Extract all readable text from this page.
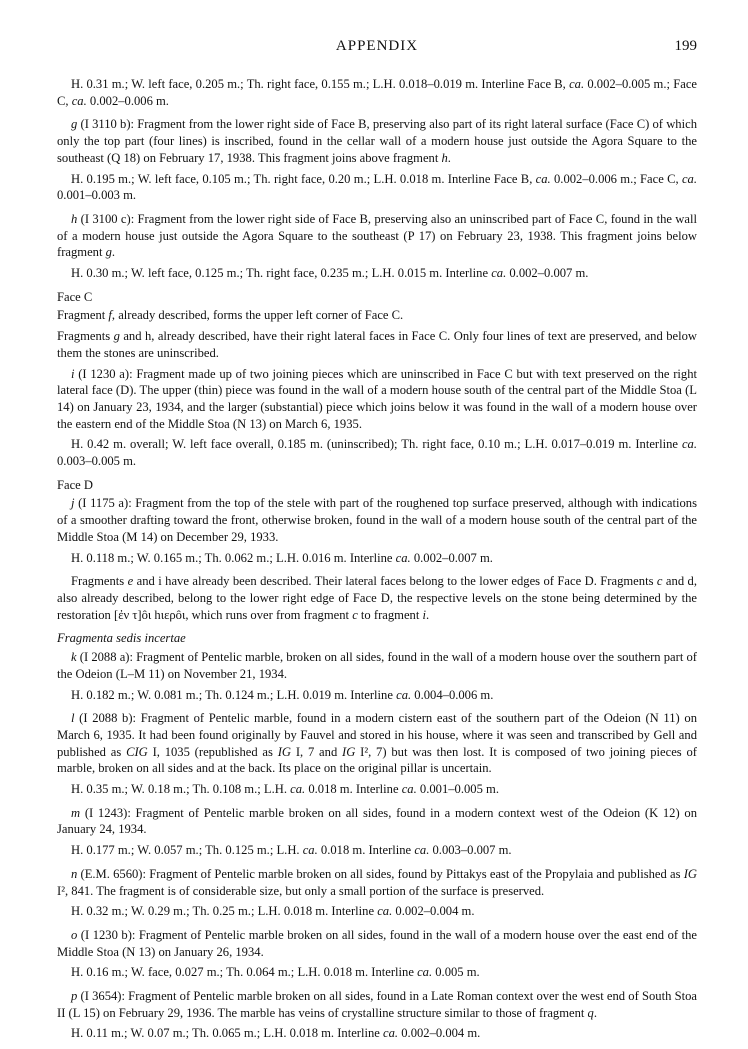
APPENDIX	199
H. 0.31 m.; W. left face, 0.205 m.; Th. right face, 0.155 m.; L.H. 0.018–0.019 m. Interline Face B, ca. 0.002–0.005 m.; Face C, ca. 0.002–0.006 m.
g (I 3110 b): Fragment from the lower right side of Face B, preserving also part of its right lateral surface (Face C) of which only the top part (four lines) is inscribed, found in the cellar wall of a modern house just outside the Agora Square to the southeast (Q 18) on February 17, 1938. This fragment joins above fragment h.
H. 0.195 m.; W. left face, 0.105 m.; Th. right face, 0.20 m.; L.H. 0.018 m. Interline Face B, ca. 0.002–0.006 m.; Face C, ca. 0.001–0.003 m.
h (I 3100 c): Fragment from the lower right side of Face B, preserving also an uninscribed part of Face C, found in the wall of a modern house just outside the Agora Square to the southeast (P 17) on February 23, 1938. This fragment joins below fragment g.
H. 0.30 m.; W. left face, 0.125 m.; Th. right face, 0.235 m.; L.H. 0.015 m. Interline ca. 0.002–0.007 m.
Face C
Fragment f, already described, forms the upper left corner of Face C.
Fragments g and h, already described, have their right lateral faces in Face C. Only four lines of text are preserved, and below them the stones are uninscribed.
i (I 1230 a): Fragment made up of two joining pieces which are uninscribed in Face C but with text preserved on the right lateral face (D). The upper (thin) piece was found in the wall of a modern house south of the central part of the Middle Stoa (L 14) on January 23, 1934, and the larger (substantial) piece which joins below it was found in the wall of a modern house over the eastern end of the Middle Stoa (N 13) on March 6, 1935.
H. 0.42 m. overall; W. left face overall, 0.185 m. (uninscribed); Th. right face, 0.10 m.; L.H. 0.017–0.019 m. Interline ca. 0.003–0.005 m.
Face D
j (I 1175 a): Fragment from the top of the stele with part of the roughened top surface preserved, although with indications of a smoother drafting toward the front, otherwise broken, found in the wall of a modern house south of the central part of the Middle Stoa (M 14) on December 29, 1933.
H. 0.118 m.; W. 0.165 m.; Th. 0.062 m.; L.H. 0.016 m. Interline ca. 0.002–0.007 m.
Fragments e and i have already been described. Their lateral faces belong to the lower edges of Face D. Fragments c and d, also already described, belong to the lower right edge of Face D, the respective levels on the stone being determined by the restoration [ἐν τ]ôι hιερôι, which runs over from fragment c to fragment i.
Fragmenta sedis incertae
k (I 2088 a): Fragment of Pentelic marble, broken on all sides, found in the wall of a modern house over the southern part of the Odeion (L–M 11) on November 21, 1934.
H. 0.182 m.; W. 0.081 m.; Th. 0.124 m.; L.H. 0.019 m. Interline ca. 0.004–0.006 m.
l (I 2088 b): Fragment of Pentelic marble, found in a modern cistern east of the southern part of the Odeion (N 11) on March 6, 1935. It had been found originally by Fauvel and stored in his house, where it was seen and transcribed by Gell and published as CIG I, 1035 (republished as IG I, 7 and IG I², 7) but was then lost. It is composed of two joining pieces of marble, broken on all sides and at the back. Its place on the original pillar is uncertain.
H. 0.35 m.; W. 0.18 m.; Th. 0.108 m.; L.H. ca. 0.018 m. Interline ca. 0.001–0.005 m.
m (I 1243): Fragment of Pentelic marble broken on all sides, found in a modern context west of the Odeion (K 12) on January 24, 1934.
H. 0.177 m.; W. 0.057 m.; Th. 0.125 m.; L.H. ca. 0.018 m. Interline ca. 0.003–0.007 m.
n (E.M. 6560): Fragment of Pentelic marble broken on all sides, found by Pittakys east of the Propylaia and published as IG I², 841. The fragment is of considerable size, but only a small portion of the surface is preserved.
H. 0.32 m.; W. 0.29 m.; Th. 0.25 m.; L.H. 0.018 m. Interline ca. 0.002–0.004 m.
o (I 1230 b): Fragment of Pentelic marble broken on all sides, found in the wall of a modern house over the east end of the Middle Stoa (N 13) on January 26, 1934.
H. 0.16 m.; W. face, 0.027 m.; Th. 0.064 m.; L.H. 0.018 m. Interline ca. 0.005 m.
p (I 3654): Fragment of Pentelic marble broken on all sides, found in a Late Roman context over the west end of South Stoa II (L 15) on February 29, 1936. The marble has veins of crystalline structure similar to those of fragment q.
H. 0.11 m.; W. 0.07 m.; Th. 0.065 m.; L.H. 0.018 m. Interline ca. 0.002–0.004 m.
